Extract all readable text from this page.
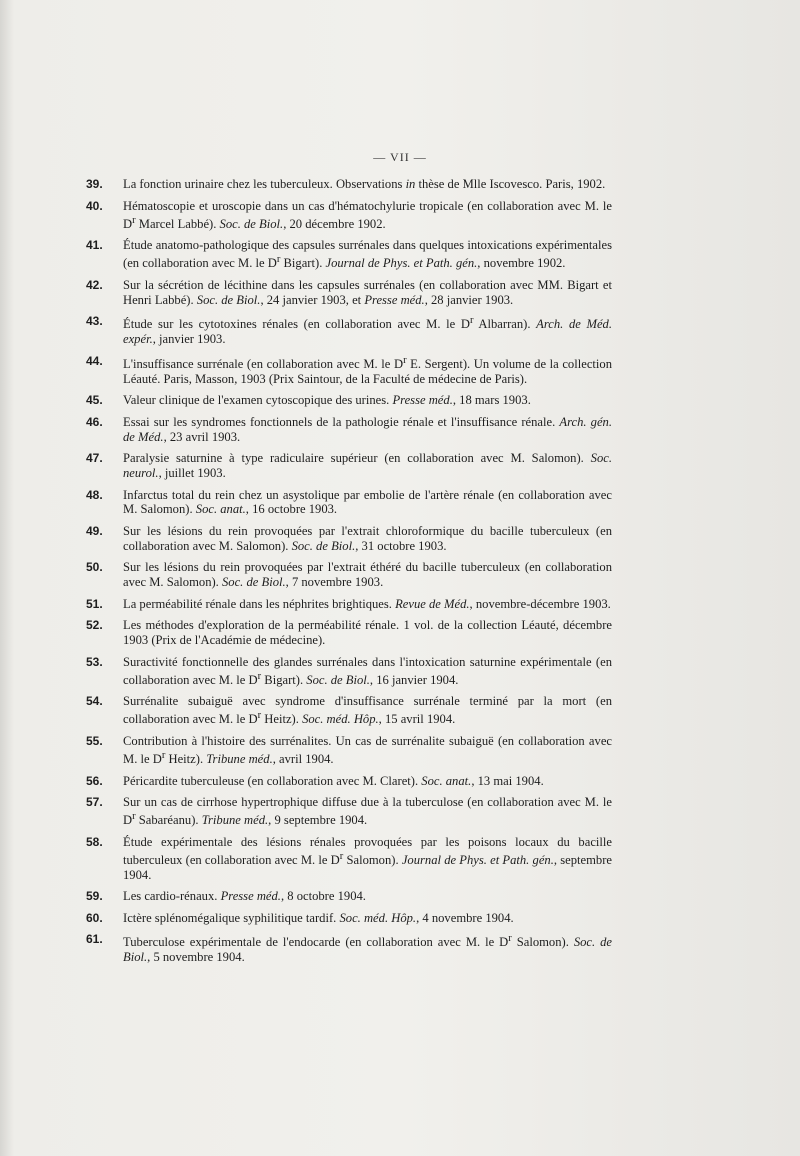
— VII —
39. La fonction urinaire chez les tuberculeux. Observations in thèse de Mlle Iscovesco. Paris, 1902.
40. Hématoscopie et uroscopie dans un cas d'hématochylurie tropicale (en collaboration avec M. le $D^r$ Marcel Labbé). Soc. de Biol., 20 décembre 1902.
41. Étude anatomo-pathologique des capsules surrénales dans quelques intoxications expérimentales (en collaboration avec M. le $D^r$ Bigart). Journal de Phys. et Path. gén., novembre 1902.
42. Sur la sécrétion de lécithine dans les capsules surrénales (en collaboration avec MM. Bigart et Henri Labbé). Soc. de Biol., 24 janvier 1903, et Presse méd., 28 janvier 1903.
43. Étude sur les cytotoxines rénales (en collaboration avec M. le $D^r$ Albarran). Arch. de Méd. expér., janvier 1903.
44. L'insuffisance surrénale (en collaboration avec M. le $D^r$ E. Sergent). Un volume de la collection Léauté. Paris, Masson, 1903 (Prix Saintour, de la Faculté de médecine de Paris).
45. Valeur clinique de l'examen cytoscopique des urines. Presse méd., 18 mars 1903.
46. Essai sur les syndromes fonctionnels de la pathologie rénale et l'insuffisance rénale. Arch. gén. de Méd., 23 avril 1903.
47. Paralysie saturnine à type radiculaire supérieur (en collaboration avec M. Salomon). Soc. neurol., juillet 1903.
48. Infarctus total du rein chez un asystolique par embolie de l'artère rénale (en collaboration avec M. Salomon). Soc. anat., 16 octobre 1903.
49. Sur les lésions du rein provoquées par l'extrait chloroformique du bacille tuberculeux (en collaboration avec M. Salomon). Soc. de Biol., 31 octobre 1903.
50. Sur les lésions du rein provoquées par l'extrait éthéré du bacille tuberculeux (en collaboration avec M. Salomon). Soc. de Biol., 7 novembre 1903.
51. La perméabilité rénale dans les néphrites brightiques. Revue de Méd., novembre-décembre 1903.
52. Les méthodes d'exploration de la perméabilité rénale. 1 vol. de la collection Léauté, décembre 1903 (Prix de l'Académie de médecine).
53. Suractivité fonctionnelle des glandes surrénales dans l'intoxication saturnine expérimentale (en collaboration avec M. le $D^r$ Bigart). Soc. de Biol., 16 janvier 1904.
54. Surrénalite subaiguë avec syndrome d'insuffisance surrénale terminé par la mort (en collaboration avec M. le $D^r$ Heitz). Soc. méd. Hôp., 15 avril 1904.
55. Contribution à l'histoire des surrénalites. Un cas de surrénalite subaiguë (en collaboration avec M. le $D^r$ Heitz). Tribune méd., avril 1904.
56. Péricardite tuberculeuse (en collaboration avec M. Claret). Soc. anat., 13 mai 1904.
57. Sur un cas de cirrhose hypertrophique diffuse due à la tuberculose (en collaboration avec M. le $D^r$ Sabaréanu). Tribune méd., 9 septembre 1904.
58. Étude expérimentale des lésions rénales provoquées par les poisons locaux du bacille tuberculeux (en collaboration avec M. le $D^r$ Salomon). Journal de Phys. et Path. gén., septembre 1904.
59. Les cardio-rénaux. Presse méd., 8 octobre 1904.
60. Ictère splénomégalique syphilitique tardif. Soc. méd. Hôp., 4 novembre 1904.
61. Tuberculose expérimentale de l'endocarde (en collaboration avec M. le $D^r$ Salomon). Soc. de Biol., 5 novembre 1904.
